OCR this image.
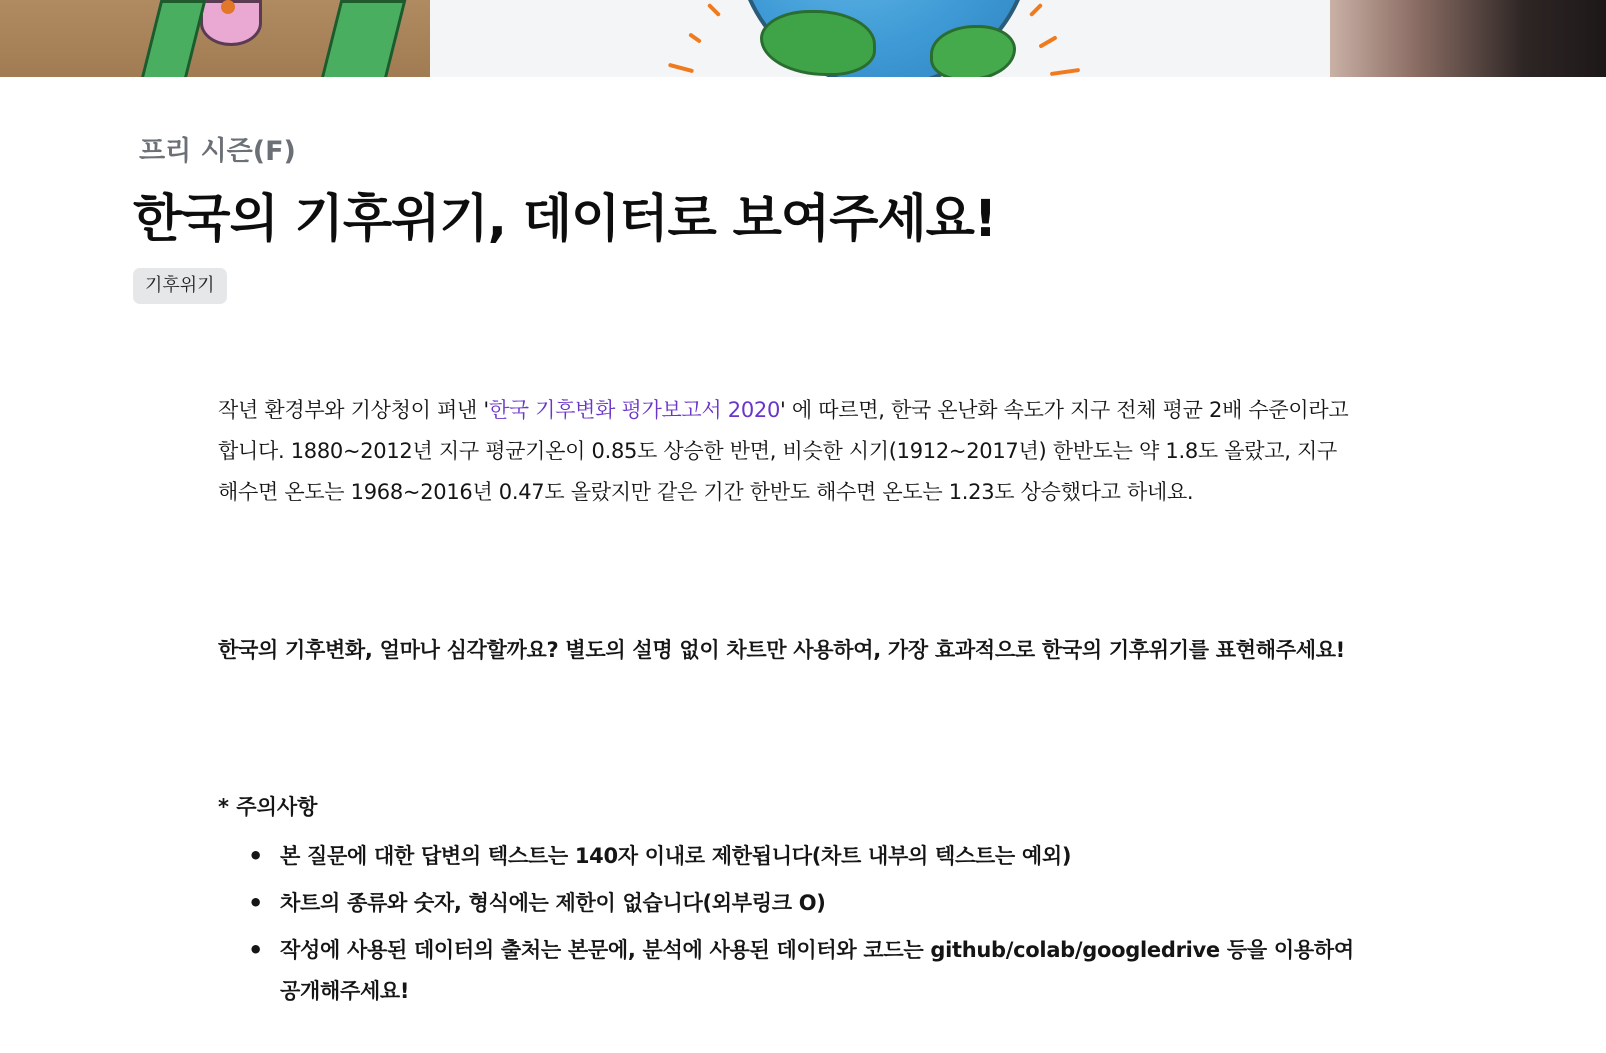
프리 시즌(F)
한국의 기후위기, 데이터로 보여주세요!
기후위기

작년 환경부와 기상청이 펴낸 '한국 기후변화 평가보고서 2020' 에 따르면, 한국 온난화 속도가 지구 전체 평균 2배 수준이라고 합니다. 1880~2012년 지구 평균기온이 0.85도 상승한 반면, 비슷한 시기(1912~2017년) 한반도는 약 1.8도 올랐고, 지구 해수면 온도는 1968~2016년 0.47도 올랐지만 같은 기간 한반도 해수면 온도는 1.23도 상승했다고 하네요.

한국의 기후변화, 얼마나 심각할까요? 별도의 설명 없이 차트만 사용하여, 가장 효과적으로 한국의 기후위기를 표현해주세요!

* 주의사항

• 본 질문에 대한 답변의 텍스트는 140자 이내로 제한됩니다(차트 내부의 텍스트는 예외)
• 차트의 종류와 숫자, 형식에는 제한이 없습니다(외부링크 O)
• 작성에 사용된 데이터의 출처는 본문에, 분석에 사용된 데이터와 코드는 github/colab/googledrive 등을 이용하여 공개해주세요!
